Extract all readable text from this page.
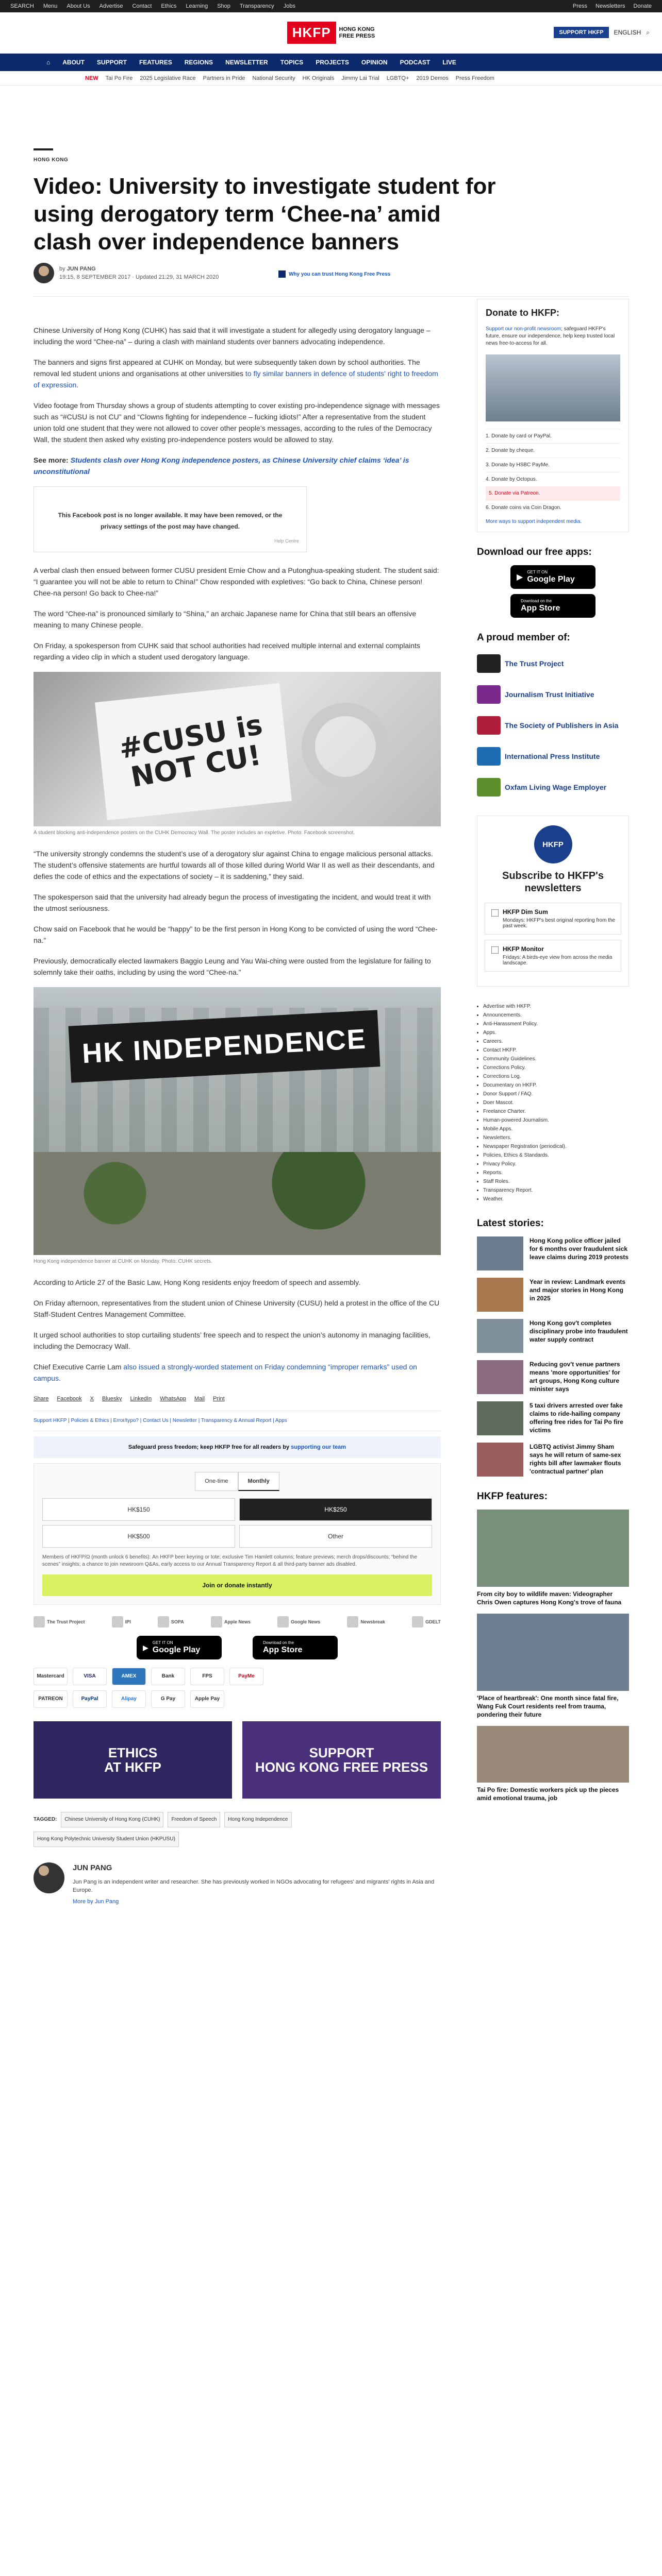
SEARCH Menu About Us Advertise Contact Ethics Learning Shop Transparency Jobs	Press Newsletters Donate
HKFP	HONG KONG
FREE PRESS
SUPPORT HKFP	ENGLISH ⌕
⌂ ABOUT SUPPORT FEATURES REGIONS NEWSLETTER TOPICS PROJECTS OPINION PODCAST LIVE
NEW Tai Po Fire 2025 Legislative Race Partners in Pride National Security HK Originals Jimmy Lai Trial LGBTQ+ 2019 Demos Press Freedom
HONG KONG
Video: University to investigate student for using derogatory term ‘Chee-na’ amid clash over independence banners
by JUN PANG
19:15, 8 SEPTEMBER 2017 · Updated 21:29, 31 MARCH 2020	Why you can trust Hong Kong Free Press

Chinese University of Hong Kong (CUHK) has said that it will investigate a student for allegedly using derogatory language – including the word “Chee-na” – during a clash with mainland students over banners advocating independence.

The banners and signs first appeared at CUHK on Monday, but were subsequently taken down by school authorities. The removal led student unions and organisations at other universities to fly similar banners in defence of students' right to freedom of expression.

Video footage from Thursday shows a group of students attempting to cover existing pro-independence signage with messages such as “#CUSU is not CU” and “Clowns fighting for independence – fucking idiots!” After a representative from the student union told one student that they were not allowed to cover other people’s messages, according to the rules of the Democracy Wall, the student then asked why existing pro-independence posters would be allowed to stay.

See more: Students clash over Hong Kong independence posters, as Chinese University chief claims ‘idea’ is unconstitutional

This Facebook post is no longer available. It may have been removed, or the privacy settings of the post may have changed.
Help Centre

A verbal clash then ensued between former CUSU president Ernie Chow and a Putonghua-speaking student. The student said: “I guarantee you will not be able to return to China!” Chow responded with expletives: “Go back to China, Chinese person! Chee-na person! Go back to Chee-na!”

The word “Chee-na” is pronounced similarly to “Shina,” an archaic Japanese name for China that still bears an offensive meaning to many Chinese people.

On Friday, a spokesperson from CUHK said that school authorities had received multiple internal and external complaints regarding a video clip in which a student used derogatory language.

#CUSU is NOT CU!
A student blocking anti-independence posters on the CUHK Democracy Wall. The poster includes an expletive. Photo: Facebook screenshot.

“The university strongly condemns the student’s use of a derogatory slur against China to engage malicious personal attacks. The student’s offensive statements are hurtful towards all of those killed during World War II as well as their descendants, and defies the code of ethics and the expectations of society – it is saddening,” they said.

The spokesperson said that the university had already begun the process of investigating the incident, and would treat it with the utmost seriousness.

Chow said on Facebook that he would be “happy” to be the first person in Hong Kong to be convicted of using the word “Chee-na.”

Previously, democratically elected lawmakers Baggio Leung and Yau Wai-ching were ousted from the legislature for failing to solemnly take their oaths, including by using the word “Chee-na.”

HK INDEPENDENCE
Hong Kong independence banner at CUHK on Monday. Photo: CUHK secrets.

According to Article 27 of the Basic Law, Hong Kong residents enjoy freedom of speech and assembly.

On Friday afternoon, representatives from the student union of Chinese University (CUSU) held a protest in the office of the CU Staff-Student Centres Management Committee.

It urged school authorities to stop curtailing students’ free speech and to respect the union’s autonomy in managing facilities, including the Democracy Wall.

Chief Executive Carrie Lam also issued a strongly-worded statement on Friday condemning “improper remarks” used on campus.

Share Facebook X Bluesky LinkedIn WhatsApp Mail Print
Support HKFP | Policies & Ethics | Error/typo? | Contact Us | Newsletter | Transparency & Annual Report | Apps
Safeguard press freedom; keep HKFP free for all readers by supporting our team
One-time	Monthly
HK$150	HK$250
HK$500	Other
Members of HKFP/Ω (month unlock 6 benefits): An HKFP beer keyring or tote; exclusive Tim Hamlett columns; feature previews; merch drops/discounts; “behind the scenes” insights; a chance to join newsroom Q&As, early access to our Annual Transparency Report & all third-party banner ads disabled.
Join or donate instantly
The Trust Project	IPI	SOPA	Apple News	Google News	Newsbreak	GDELT
▶
GET IT ON
Google Play
Download on the
App Store
Mastercard	VISA	AMEX	Bank	FPS	PayMe
PATREON	PayPal	Alipay	G Pay	Apple Pay
ETHICS
AT HKFP
SUPPORT
HONG KONG FREE PRESS
TAGGED:	Chinese University of Hong Kong (CUHK)	Freedom of Speech	Hong Kong Independence
Hong Kong Polytechnic University Student Union (HKPUSU)
JUN PANG

Jun Pang is an independent writer and researcher. She has previously worked in NGOs advocating for refugees' and migrants' rights in Asia and Europe.

More by Jun Pang

Donate to HKFP:
Support our non-profit newsroom; safeguard HKFP's future, ensure our independence, help keep trusted local news free-to-access for all.
1. Donate by card or PayPal.
2. Donate by cheque.
3. Donate by HSBC PayMe.
4. Donate by Octopus.
5. Donate via Patreon.
6. Donate coins via Coin Dragon.
More ways to support independent media.
Download our free apps:
▶
GET IT ON
Google Play
Download on the
App Store
A proud member of:
The Trust Project
Journalism Trust Initiative
The Society of Publishers in Asia
International Press Institute
Oxfam Living Wage Employer
HKFP
Subscribe to HKFP's newsletters
HKFP Dim Sum
Mondays: HKFP's best original reporting from the past week.
HKFP Monitor
Fridays: A birds-eye view from across the media landscape.
• Advertise with HKFP.
• Announcements.
• Anti-Harassment Policy.
• Apps.
• Careers.
• Contact HKFP.
• Community Guidelines.
• Corrections Policy.
• Corrections Log.
• Documentary on HKFP.
• Donor Support / FAQ.
• Doer Mascot.
• Freelance Charter.
• Human-powered Journalism.
• Mobile Apps.
• Newsletters.
• Newspaper Registration (periodical).
• Policies, Ethics & Standards.
• Privacy Policy.
• Reports.
• Staff Roles.
• Transparency Report.
• Weather.
Latest stories:
Hong Kong police officer jailed for 6 months over fraudulent sick leave claims during 2019 protests
Year in review: Landmark events and major stories in Hong Kong in 2025
Hong Kong gov't completes disciplinary probe into fraudulent water supply contract
Reducing gov't venue partners means 'more opportunities' for art groups, Hong Kong culture minister says
5 taxi drivers arrested over fake claims to ride-hailing company offering free rides for Tai Po fire victims
LGBTQ activist Jimmy Sham says he will return of same-sex rights bill after lawmaker flouts 'contractual partner' plan
HKFP features:
From city boy to wildlife maven: Videographer Chris Owen captures Hong Kong's trove of fauna
'Place of heartbreak': One month since fatal fire, Wang Fuk Court residents reel from trauma, pondering their future
Tai Po fire: Domestic workers pick up the pieces amid emotional trauma, job
